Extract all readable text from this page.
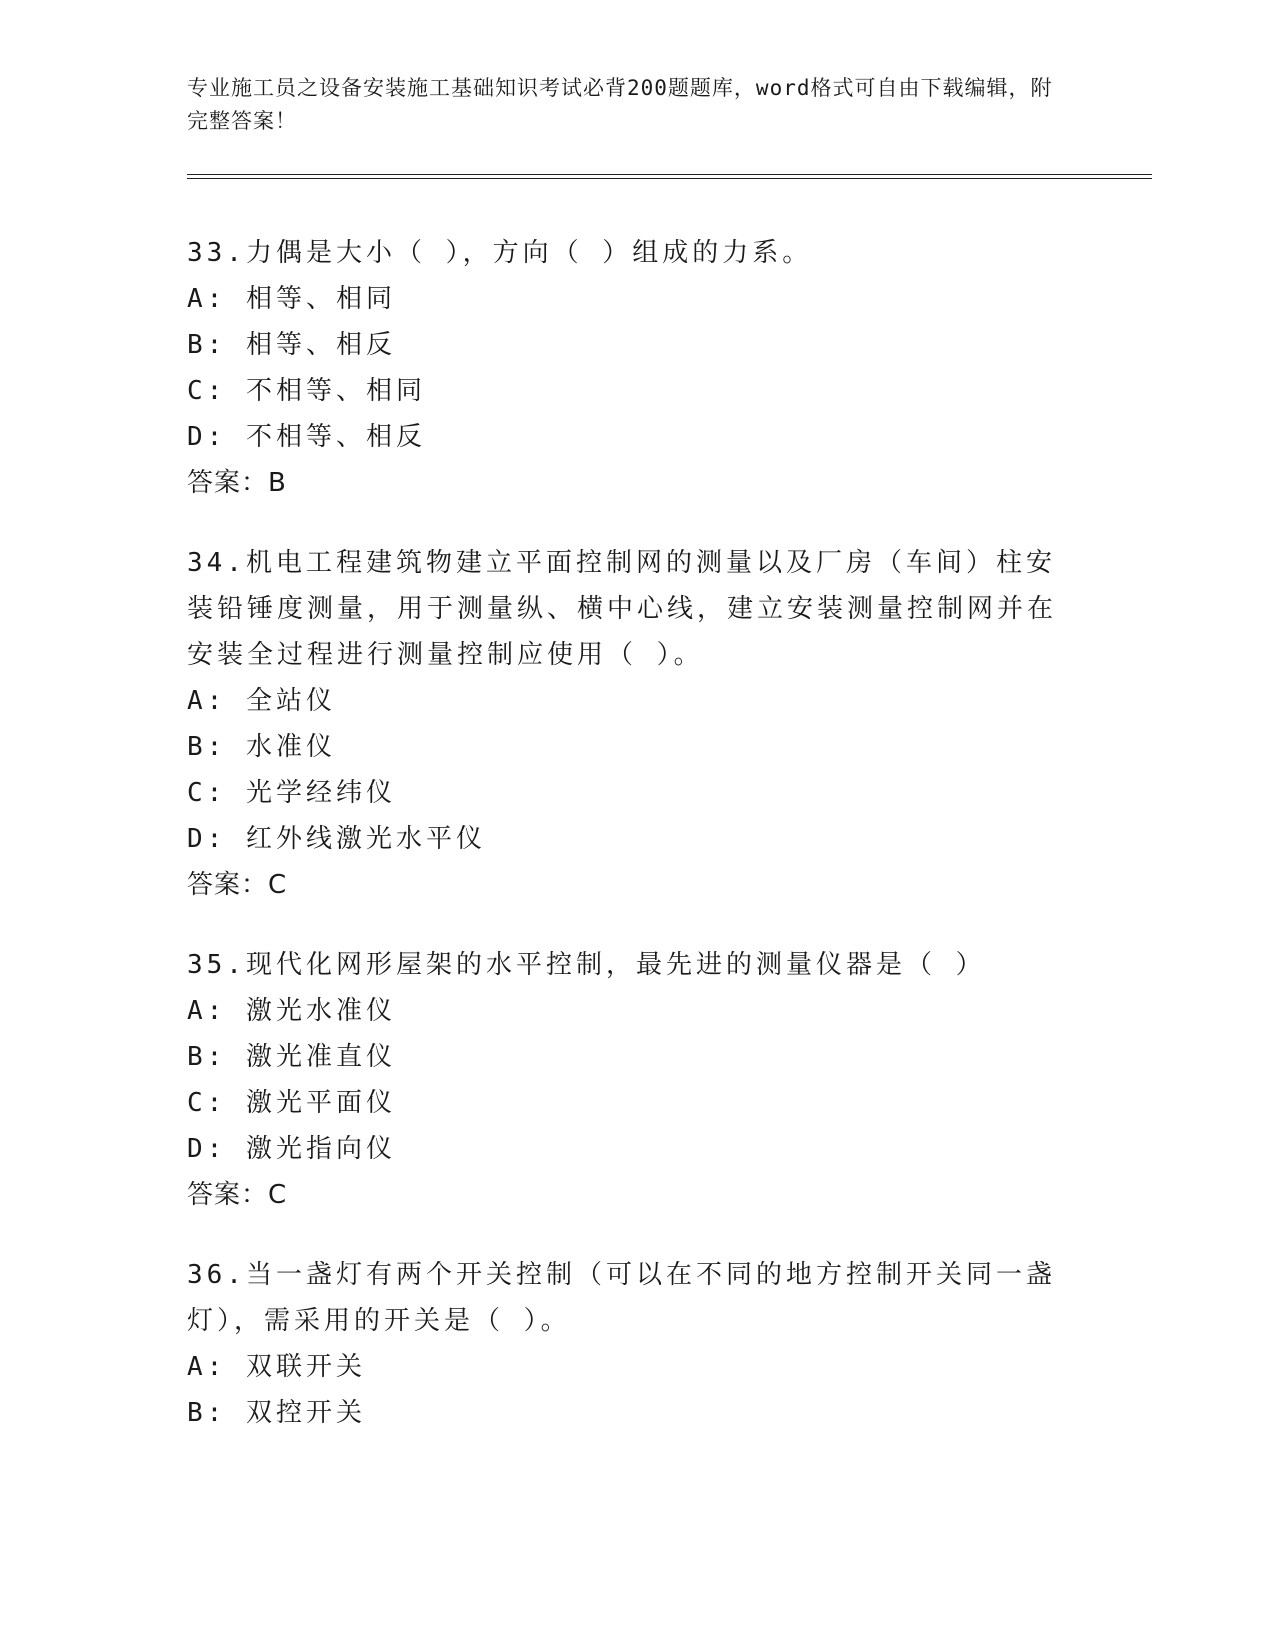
专业施工员之设备安装施工基础知识考试必背200题题库，word格式可自由下载编辑，附完整答案！

33.力偶是大小（ ），方向（ ）组成的力系。

A: 相等、相同

B: 相等、相反

C: 不相等、相同

D: 不相等、相反

答案：B

34.机电工程建筑物建立平面控制网的测量以及厂房（车间）柱安装铅锤度测量，用于测量纵、横中心线，建立安装测量控制网并在安装全过程进行测量控制应使用（ ）。

A: 全站仪

B: 水准仪

C: 光学经纬仪

D: 红外线激光水平仪

答案：C

35.现代化网形屋架的水平控制，最先进的测量仪器是（ ）

A: 激光水准仪

B: 激光准直仪

C: 激光平面仪

D: 激光指向仪

答案：C

36.当一盏灯有两个开关控制（可以在不同的地方控制开关同一盏灯），需采用的开关是（ ）。

A: 双联开关

B: 双控开关
